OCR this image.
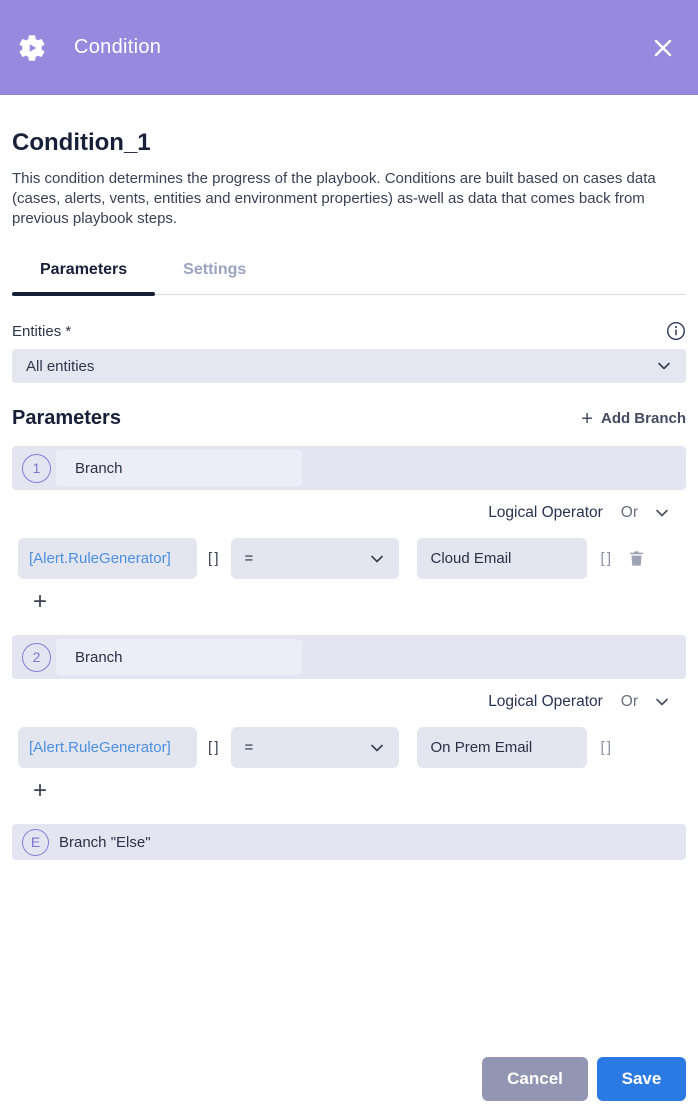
Condition
Condition_1

This condition determines the progress of the playbook. Conditions are built based on cases data (cases, alerts, vents, entities and environment properties) as-well as data that comes back from previous playbook steps.

Parameters	Settings
Entities *
All entities
Parameters	+ Add Branch
1	Branch
Logical Operator Or
[Alert.RuleGenerator]	[ ] =	Cloud Email	[ ]
+
2	Branch
Logical Operator Or
[Alert.RuleGenerator]	[ ] =	On Prem Email	[ ]
+
E	Branch "Else"
Cancel	Save
